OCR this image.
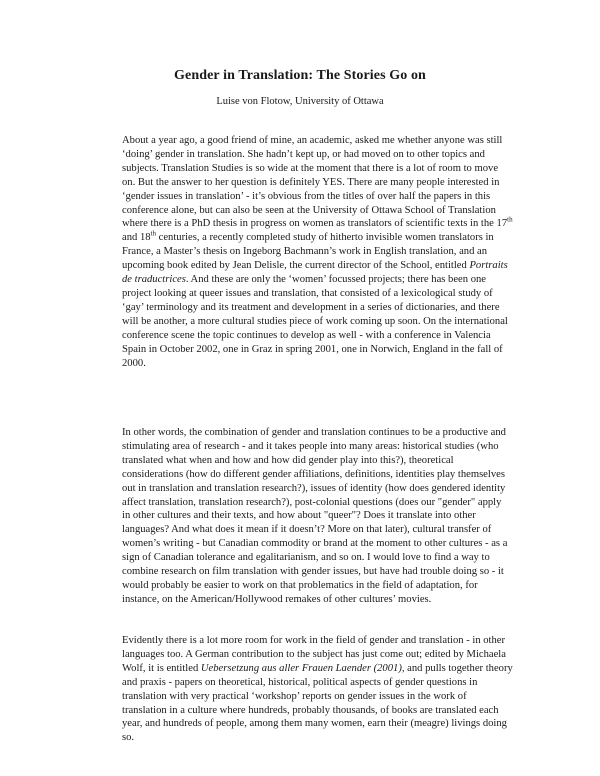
Gender in Translation: The Stories Go on
Luise von Flotow, University of Ottawa
About a year ago, a good friend of mine, an academic, asked me whether anyone was still
‘doing’ gender in translation. She hadn’t kept up, or had moved on to other topics and
subjects. Translation Studies is so wide at the moment that there is a lot of room to move
on. But the answer to her question is definitely YES. There are many people interested in
‘gender issues in translation’ - it’s obvious from the titles of over half the papers in this
conference alone, but can also be seen at the University of Ottawa School of Translation
where there is a PhD thesis in progress on women as translators of scientific texts in the 17th
and 18th centuries, a recently completed study of hitherto invisible women translators in
France, a Master’s thesis on Ingeborg Bachmann’s work in English translation, and an
upcoming book edited by Jean Delisle, the current director of the School, entitled Portraits
de traductrices. And these are only the ‘women’ focussed projects; there has been one
project looking at queer issues and translation, that consisted of a lexicological study of
‘gay’ terminology and its treatment and development in a series of dictionaries, and there
will be another, a more cultural studies piece of work coming up soon. On the international
conference scene the topic continues to develop as well - with a conference in Valencia
Spain in October 2002, one in Graz in spring 2001, one in Norwich, England in the fall of
2000.
In other words, the combination of gender and translation continues to be a productive and
stimulating area of research - and it takes people into many areas: historical studies (who
translated what when and how and how did gender play into this?), theoretical
considerations (how do different gender affiliations, definitions, identities play themselves
out in translation and translation research?), issues of identity (how does gendered identity
affect translation, translation research?), post-colonial questions (does our "gender" apply
in other cultures and their texts, and how about "queer"? Does it translate into other
languages? And what does it mean if it doesn’t? More on that later), cultural transfer of
women’s writing - but Canadian commodity or brand at the moment to other cultures - as a
sign of Canadian tolerance and egalitarianism, and so on. I would love to find a way to
combine research on film translation with gender issues, but have had trouble doing so - it
would probably be easier to work on that problematics in the field of adaptation, for
instance, on the American/Hollywood remakes of other cultures’ movies.
Evidently there is a lot more room for work in the field of gender and translation - in other
languages too. A German contribution to the subject has just come out; edited by Michaela
Wolf, it is entitled Uebersetzung aus aller Frauen Laender (2001), and pulls together theory
and praxis - papers on theoretical, historical, political aspects of gender questions in
translation with very practical ‘workshop’ reports on gender issues in the work of
translation in a culture where hundreds, probably thousands, of books are translated each
year, and hundreds of people, among them many women, earn their (meagre) livings doing
so.
